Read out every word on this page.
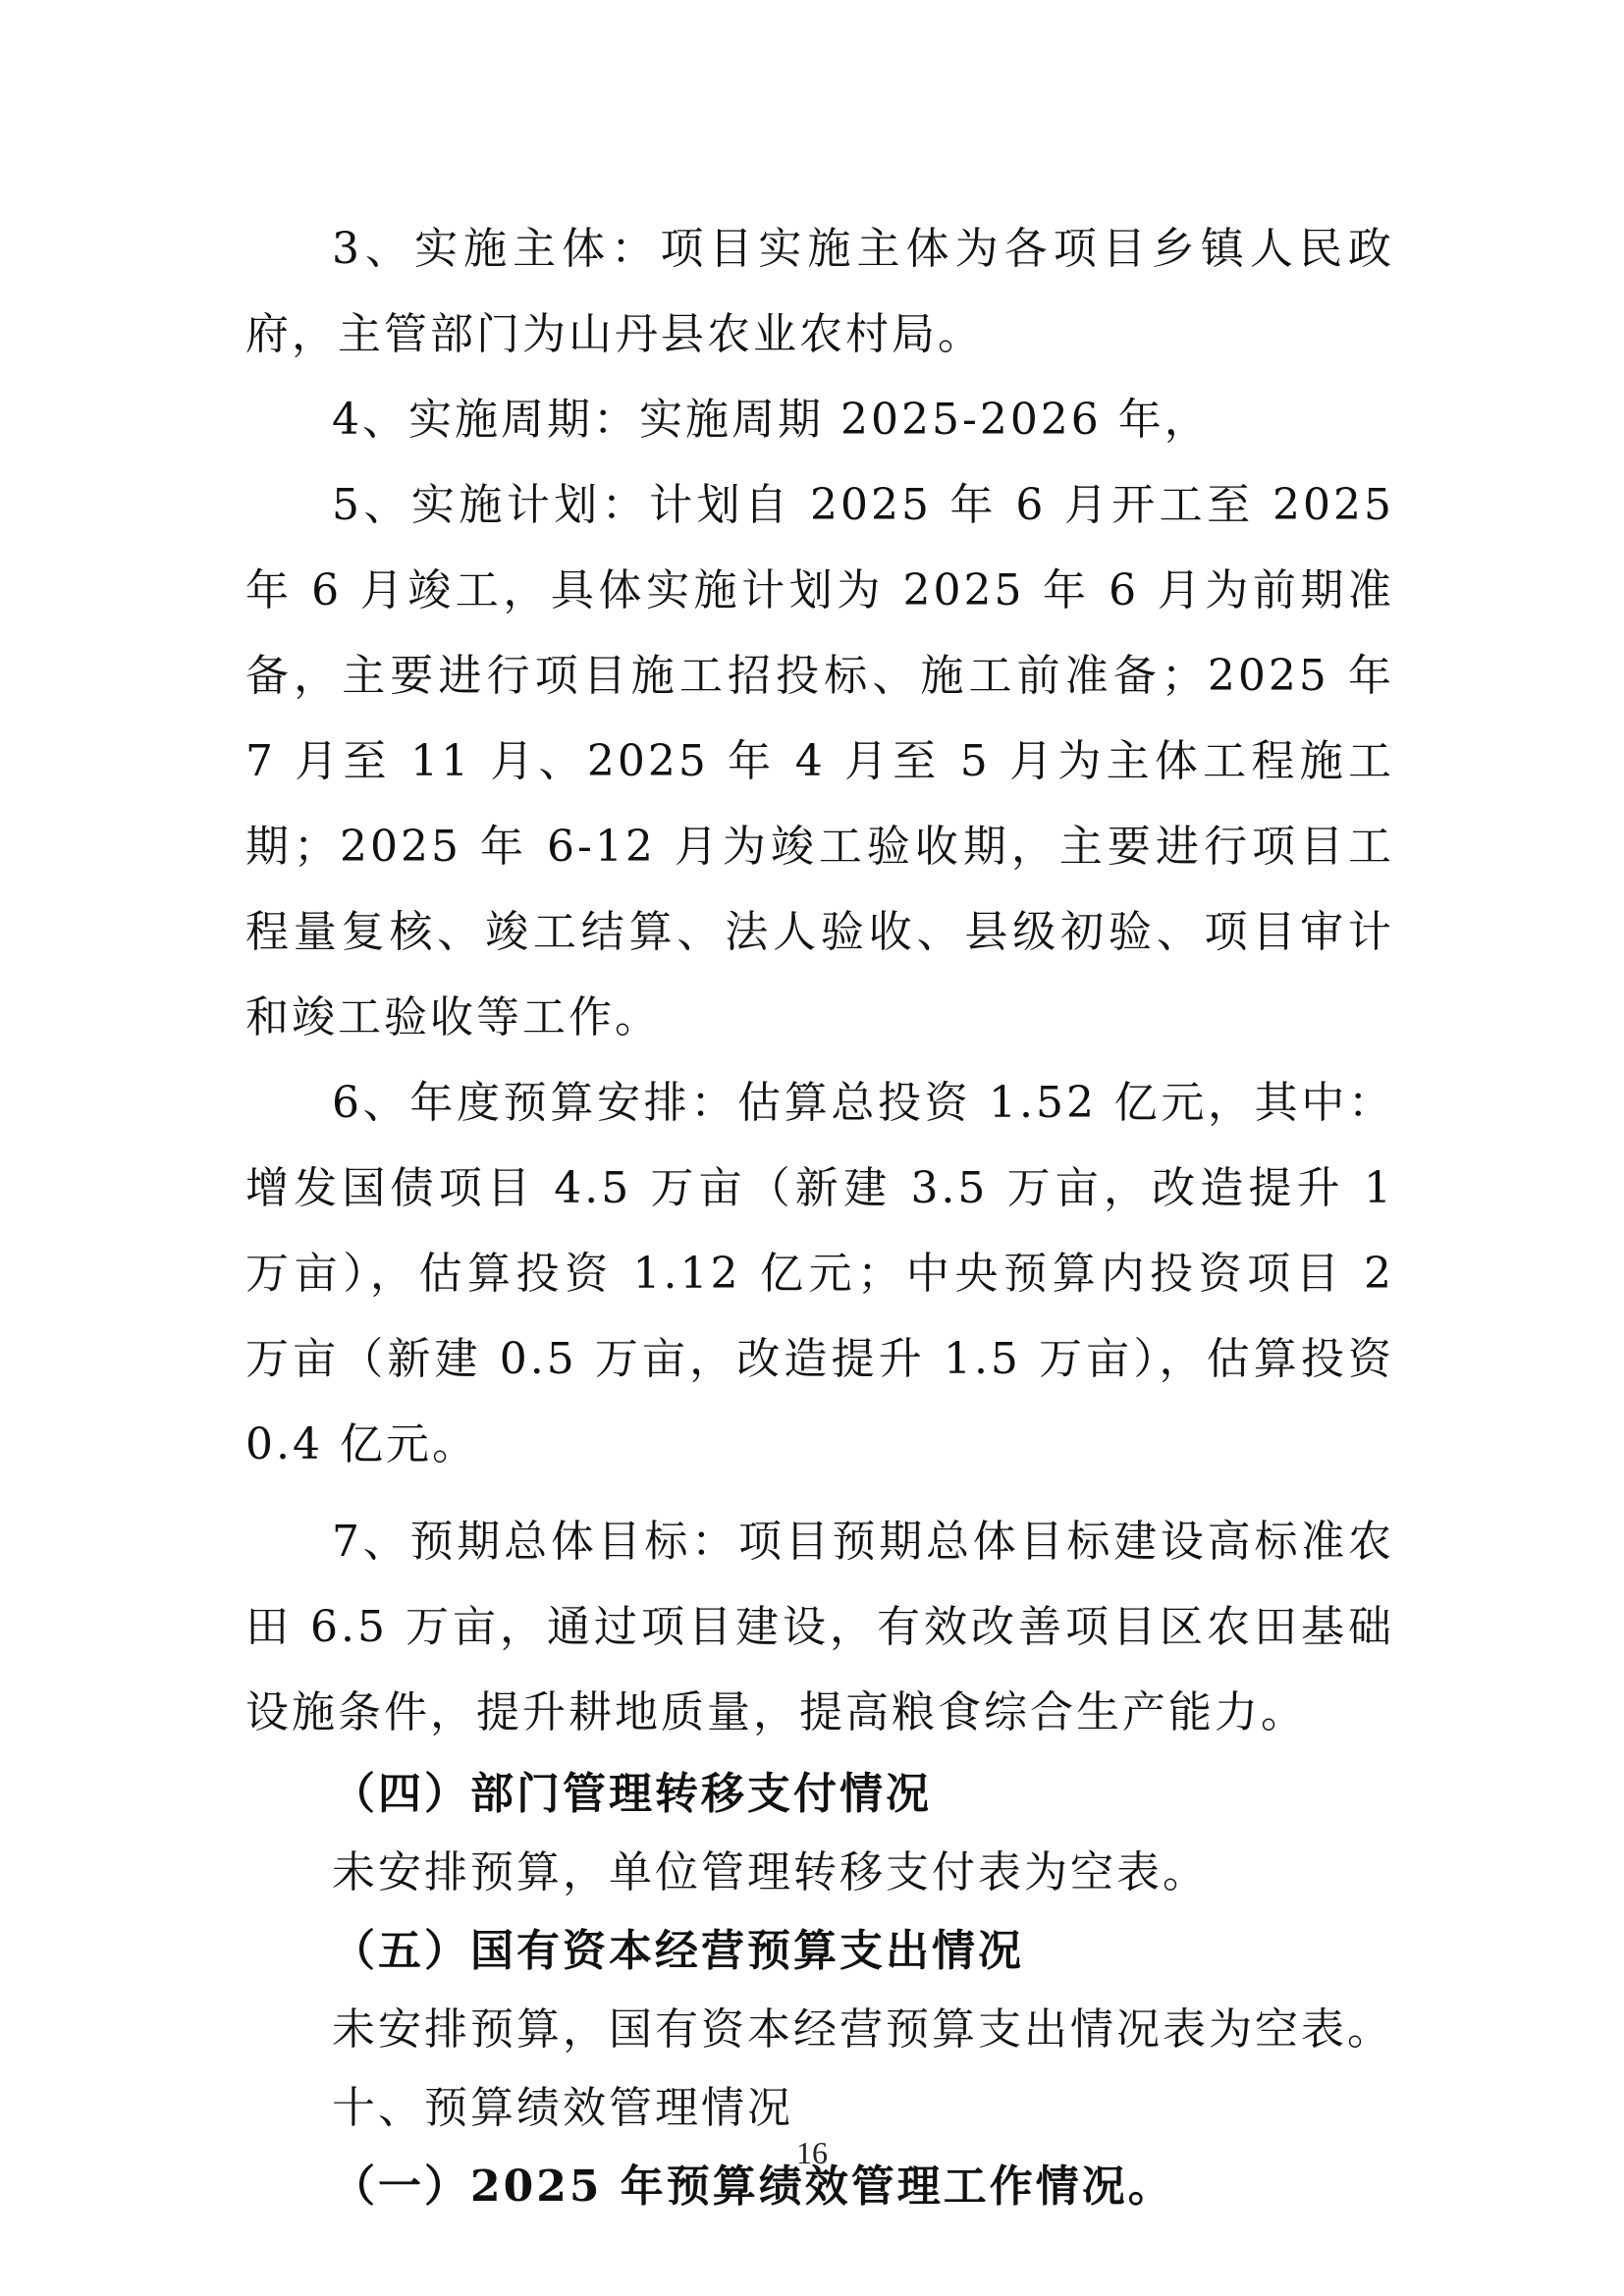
3、实施主体：项目实施主体为各项目乡镇人民政府，主管部门为山丹县农业农村局。

4、实施周期：实施周期 2025-2026 年，

5、实施计划：计划自 2025 年 6 月开工至 2025 年 6 月竣工，具体实施计划为 2025 年 6 月为前期准备，主要进行项目施工招投标、施工前准备；2025 年 7 月至 11 月、2025 年 4 月至 5 月为主体工程施工期；2025 年 6-12 月为竣工验收期，主要进行项目工程量复核、竣工结算、法人验收、县级初验、项目审计和竣工验收等工作。

6、年度预算安排：估算总投资 1.52 亿元，其中：增发国债项目 4.5 万亩（新建 3.5 万亩，改造提升 1 万亩），估算投资 1.12 亿元；中央预算内投资项目 2 万亩（新建 0.5 万亩，改造提升 1.5 万亩），估算投资 0.4 亿元。

7、预期总体目标：项目预期总体目标建设高标准农田 6.5 万亩，通过项目建设，有效改善项目区农田基础设施条件，提升耕地质量，提高粮食综合生产能力。

（四）部门管理转移支付情况

未安排预算，单位管理转移支付表为空表。

（五）国有资本经营预算支出情况

未安排预算，国有资本经营预算支出情况表为空表。

十、预算绩效管理情况

（一）2025 年预算绩效管理工作情况。

16
